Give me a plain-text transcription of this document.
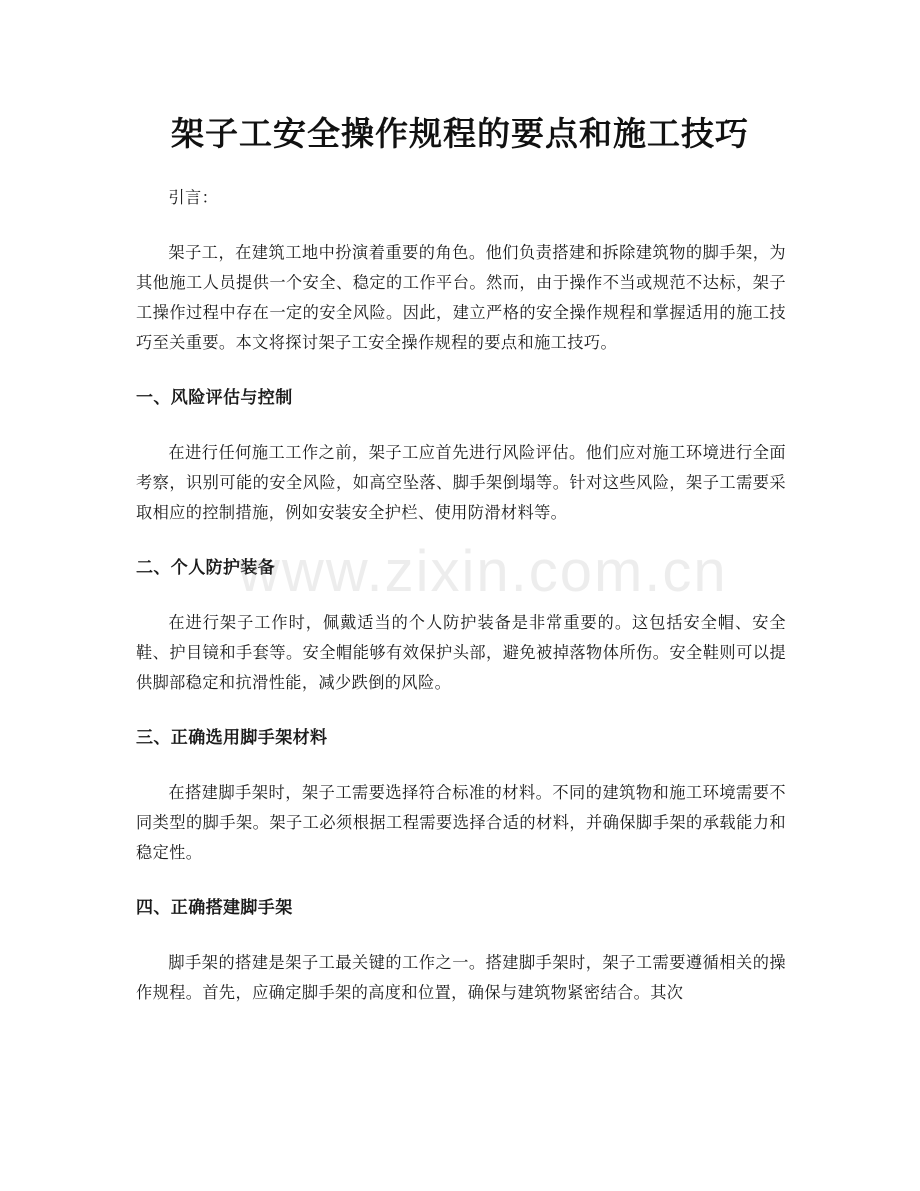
架子工安全操作规程的要点和施工技巧

引言：

架子工，在建筑工地中扮演着重要的角色。他们负责搭建和拆除建筑物的脚手架，为其他施工人员提供一个安全、稳定的工作平台。然而，由于操作不当或规范不达标，架子工操作过程中存在一定的安全风险。因此，建立严格的安全操作规程和掌握适用的施工技巧至关重要。本文将探讨架子工安全操作规程的要点和施工技巧。

一、风险评估与控制

在进行任何施工工作之前，架子工应首先进行风险评估。他们应对施工环境进行全面考察，识别可能的安全风险，如高空坠落、脚手架倒塌等。针对这些风险，架子工需要采取相应的控制措施，例如安装安全护栏、使用防滑材料等。

二、个人防护装备

在进行架子工作时，佩戴适当的个人防护装备是非常重要的。这包括安全帽、安全鞋、护目镜和手套等。安全帽能够有效保护头部，避免被掉落物体所伤。安全鞋则可以提供脚部稳定和抗滑性能，减少跌倒的风险。

三、正确选用脚手架材料

在搭建脚手架时，架子工需要选择符合标准的材料。不同的建筑物和施工环境需要不同类型的脚手架。架子工必须根据工程需要选择合适的材料，并确保脚手架的承载能力和稳定性。

四、正确搭建脚手架

脚手架的搭建是架子工最关键的工作之一。搭建脚手架时，架子工需要遵循相关的操作规程。首先，应确定脚手架的高度和位置，确保与建筑物紧密结合。其次

www.zixin.com.cn
